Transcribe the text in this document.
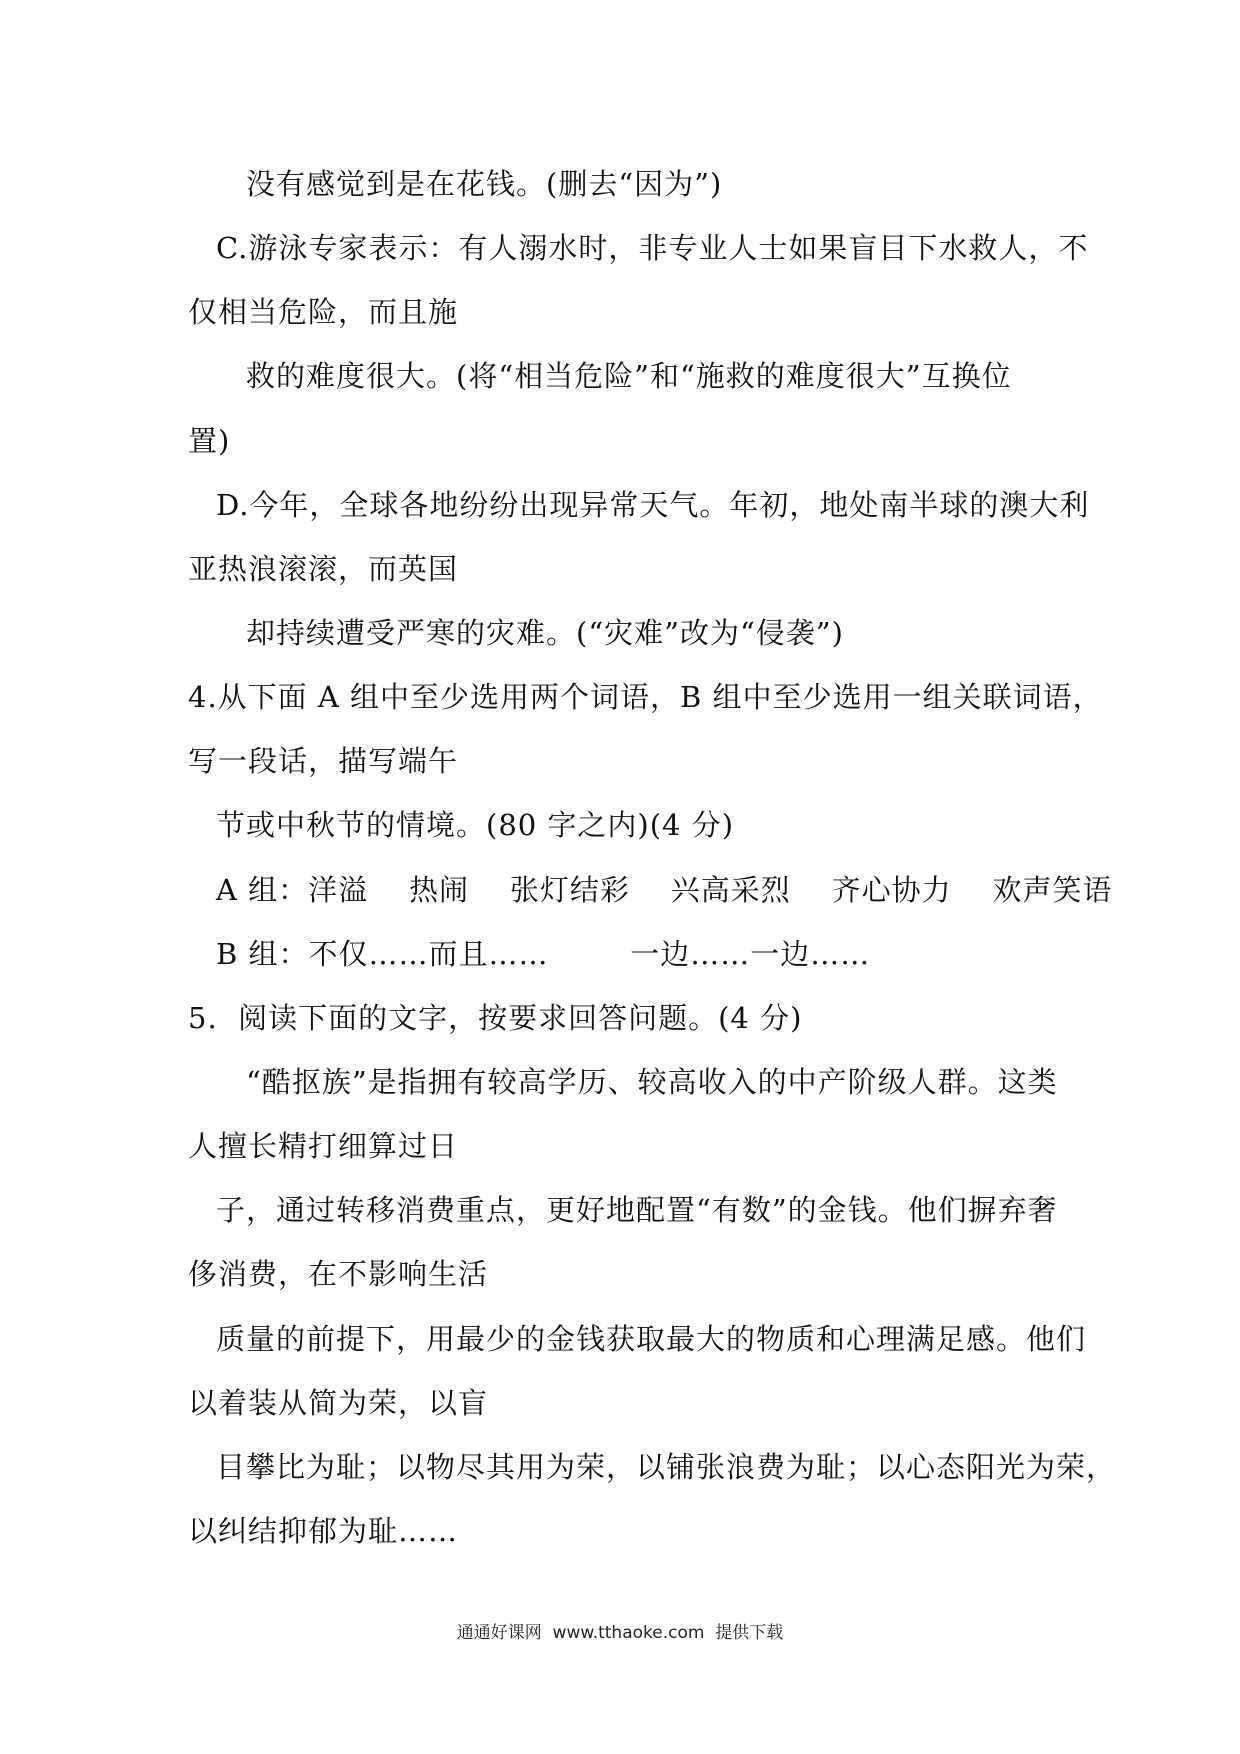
没有感觉到是在花钱。(删去“因为”)
C.游泳专家表示：有人溺水时，非专业人士如果盲目下水救人，不
仅相当危险，而且施
救的难度很大。(将“相当危险”和“施救的难度很大”互换位
置)
D.今年，全球各地纷纷出现异常天气。年初，地处南半球的澳大利
亚热浪滚滚，而英国
却持续遭受严寒的灾难。(“灾难”改为“侵袭”)
4.从下面 A 组中至少选用两个词语，B 组中至少选用一组关联词语，
写一段话，描写端午
节或中秋节的情境。(80 字之内)(4 分)
A 组：洋溢    热闹    张灯结彩    兴高采烈    齐心协力    欢声笑语
B 组：不仅……而且……        一边……一边……
5.  阅读下面的文字，按要求回答问题。(4 分)
“酷抠族”是指拥有较高学历、较高收入的中产阶级人群。这类
人擅长精打细算过日
子，通过转移消费重点，更好地配置“有数”的金钱。他们摒弃奢
侈消费，在不影响生活
质量的前提下，用最少的金钱获取最大的物质和心理满足感。他们
以着装从简为荣，以盲
目攀比为耻；以物尽其用为荣，以铺张浪费为耻；以心态阳光为荣，
以纠结抑郁为耻……
通通好课网  www.tthaoke.com  提供下载
